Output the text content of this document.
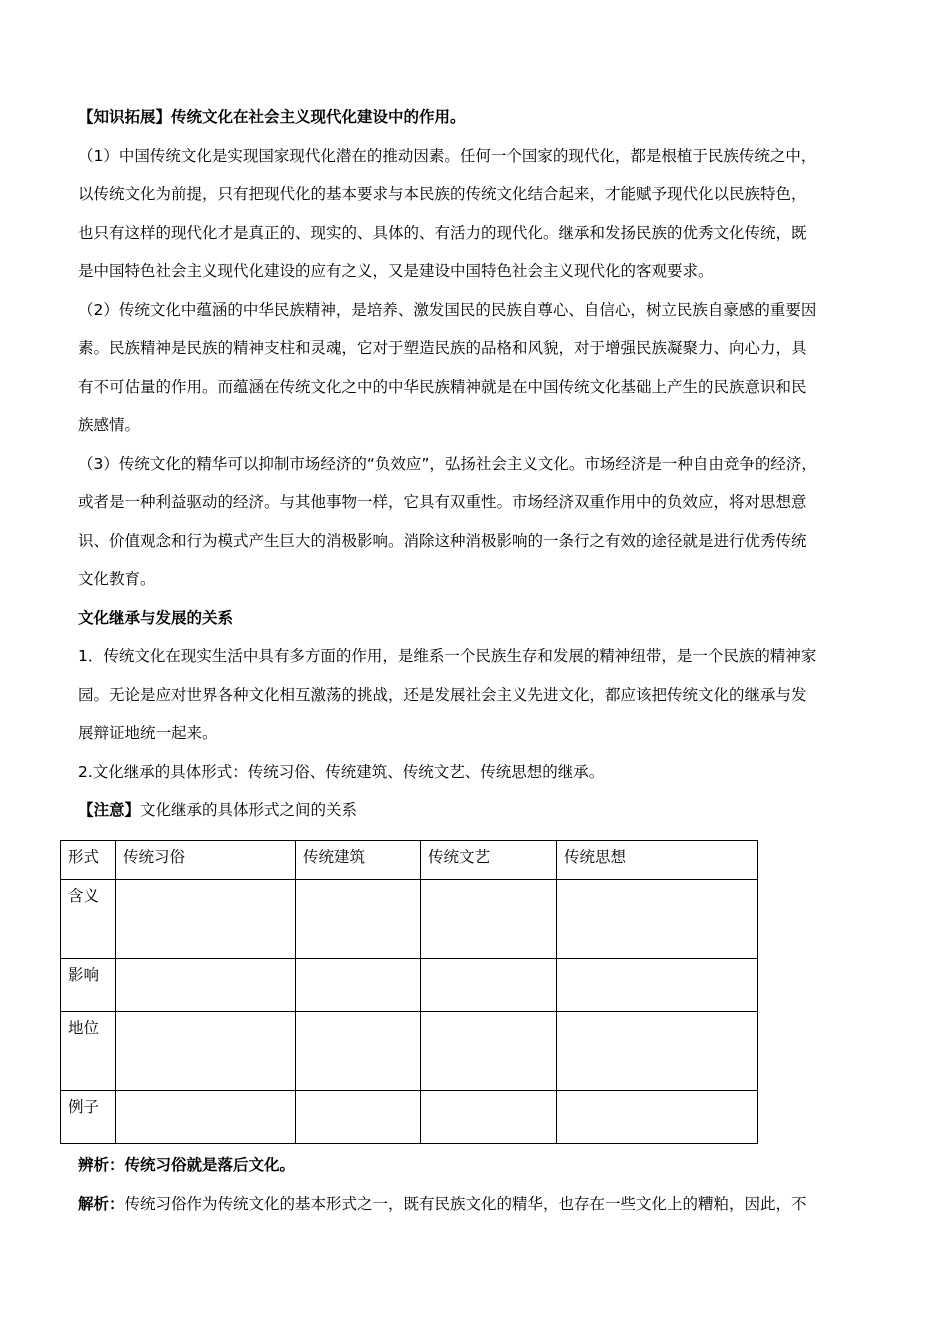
【知识拓展】传统文化在社会主义现代化建设中的作用。
（1）中国传统文化是实现国家现代化潜在的推动因素。任何一个国家的现代化，都是根植于民族传统之中，
以传统文化为前提，只有把现代化的基本要求与本民族的传统文化结合起来，才能赋予现代化以民族特色，
也只有这样的现代化才是真正的、现实的、具体的、有活力的现代化。继承和发扬民族的优秀文化传统，既
是中国特色社会主义现代化建设的应有之义，又是建设中国特色社会主义现代化的客观要求。
（2）传统文化中蕴涵的中华民族精神，是培养、激发国民的民族自尊心、自信心，树立民族自豪感的重要因
素。民族精神是民族的精神支柱和灵魂，它对于塑造民族的品格和风貌，对于增强民族凝聚力、向心力，具
有不可估量的作用。而蕴涵在传统文化之中的中华民族精神就是在中国传统文化基础上产生的民族意识和民
族感情。
（3）传统文化的精华可以抑制市场经济的“负效应”，弘扬社会主义文化。市场经济是一种自由竞争的经济，
或者是一种利益驱动的经济。与其他事物一样，它具有双重性。市场经济双重作用中的负效应，将对思想意
识、价值观念和行为模式产生巨大的消极影响。消除这种消极影响的一条行之有效的途径就是进行优秀传统
文化教育。
文化继承与发展的关系
1．传统文化在现实生活中具有多方面的作用，是维系一个民族生存和发展的精神纽带，是一个民族的精神家
园。无论是应对世界各种文化相互激荡的挑战，还是发展社会主义先进文化，都应该把传统文化的继承与发
展辩证地统一起来。
2.文化继承的具体形式：传统习俗、传统建筑、传统文艺、传统思想的继承。
【注意】文化继承的具体形式之间的关系
形式	传统习俗	传统建筑	传统文艺	传统思想
含义				
影响				
地位				
例子				
辨析：传统习俗就是落后文化。
解析：传统习俗作为传统文化的基本形式之一，既有民族文化的精华，也存在一些文化上的糟粕，因此，不
